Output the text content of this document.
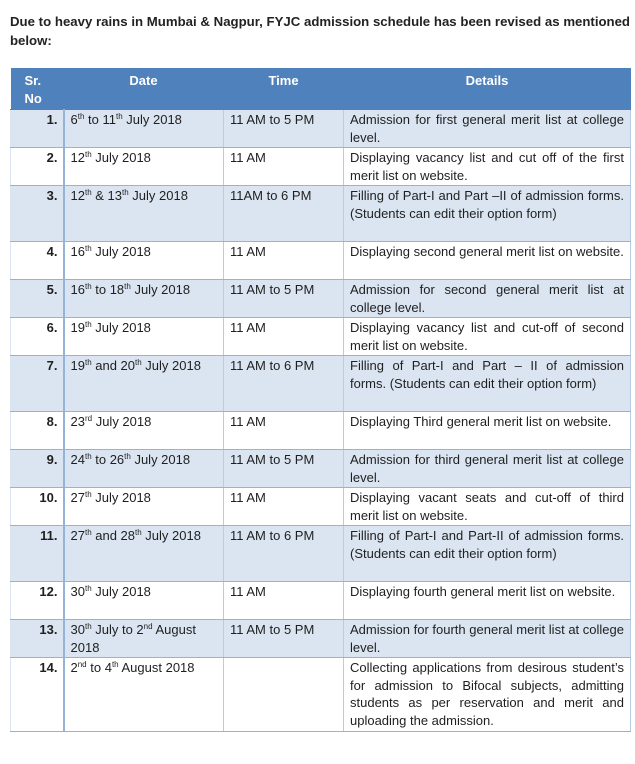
Due to heavy rains in Mumbai & Nagpur, FYJC admission schedule has been revised as mentioned below:
Sr. No	Date	Time	Details
1.	6th to 11th July 2018	11 AM to 5 PM	Admission for first general merit list at college level.
2.	12th July 2018	11 AM	Displaying vacancy list and cut off of the first merit list on website.
3.	12th & 13th July 2018	11AM to 6 PM	Filling of Part-I and Part –II of admission forms. (Students can edit their option form)
4.	16th July 2018	11 AM	Displaying second general merit list on website.
5.	16th to 18th July 2018	11 AM to 5 PM	Admission for second general merit list at college level.
6.	19th July 2018	11 AM	Displaying vacancy list and cut-off of second merit list on website.
7.	19th and 20th July 2018	11 AM to 6 PM	Filling of Part-I and Part – II of admission forms. (Students can edit their option form)
8.	23rd July 2018	11 AM	Displaying Third general merit list on website.
9.	24th to 26th July 2018	11 AM to 5 PM	Admission for third general merit list at college level.
10.	27th July 2018	11 AM	Displaying vacant seats and cut-off of third merit list on website.
11.	27th and 28th July 2018	11 AM to 6 PM	Filling of Part-I and Part-II of admission forms. (Students can edit their option form)
12.	30th July 2018	11 AM	Displaying fourth general merit list on website.
13.	30th July to 2nd August 2018	11 AM to 5 PM	Admission for fourth general merit list at college level.
14.	2nd to 4th August 2018		Collecting applications from desirous student’s for admission to Bifocal subjects, admitting students as per reservation and merit and uploading the admission.
